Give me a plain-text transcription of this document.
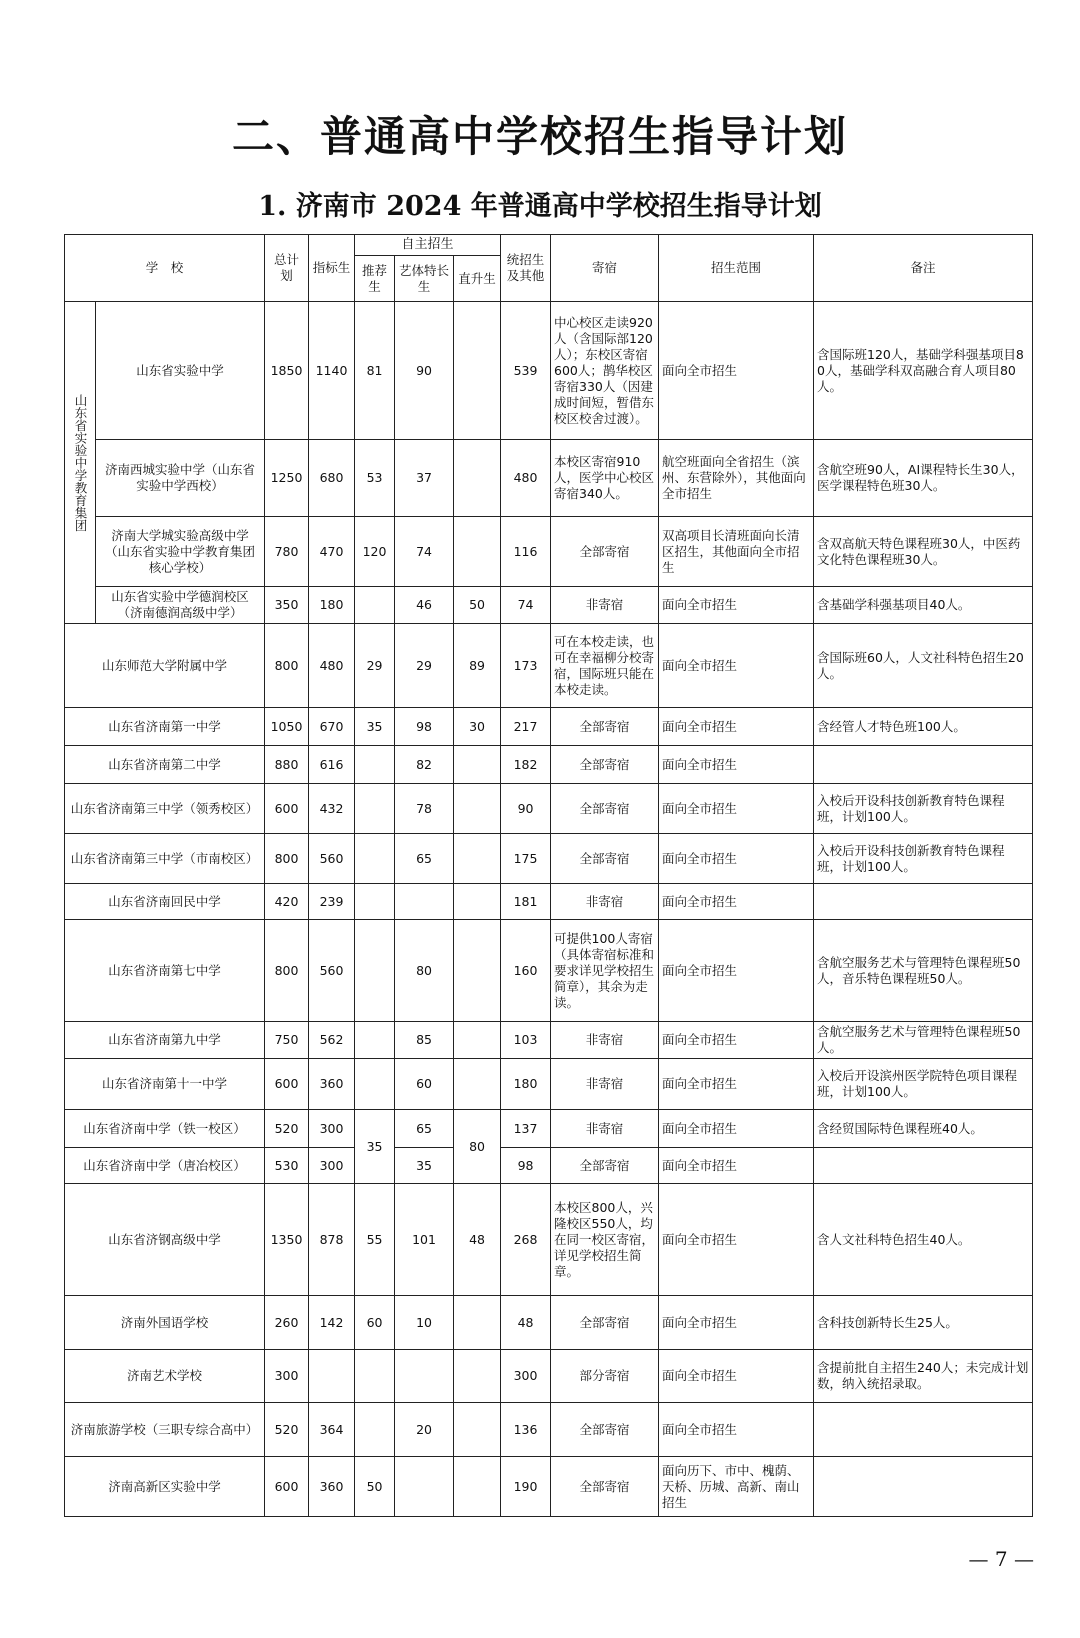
二、普通高中学校招生指导计划
1. 济南市 2024 年普通高中学校招生指导计划
学　校		总计划	指标生	自主招生			统招生及其他	寄宿	招生范围	备注
				推荐生	艺体特长生	直升生				
山东省实验中学教育集团	山东省实验中学	1850	1140	81	90		539	中心校区走读920人（含国际部120人）；东校区寄宿600人；鹊华校区寄宿330人（因建成时间短，暂借东校区校舍过渡）。	面向全市招生	含国际班120人，基础学科强基项目80人，基础学科双高融合育人项目80人。
	济南西城实验中学（山东省实验中学西校）	1250	680	53	37		480	本校区寄宿910人，医学中心校区寄宿340人。	航空班面向全省招生（滨州、东营除外），其他面向全市招生	含航空班90人，AI课程特长生30人，医学课程特色班30人。
	济南大学城实验高级中学（山东省实验中学教育集团核心学校）	780	470	120	74		116	全部寄宿	双高项目长清班面向长清区招生，其他面向全市招生	含双高航天特色课程班30人，中医药文化特色课程班30人。
	山东省实验中学德润校区（济南德润高级中学）	350	180		46	50	74	非寄宿	面向全市招生	含基础学科强基项目40人。
山东师范大学附属中学		800	480	29	29	89	173	可在本校走读，也可在幸福柳分校寄宿，国际班只能在本校走读。	面向全市招生	含国际班60人，人文社科特色招生20人。
山东省济南第一中学		1050	670	35	98	30	217	全部寄宿	面向全市招生	含经管人才特色班100人。
山东省济南第二中学		880	616		82		182	全部寄宿	面向全市招生	
山东省济南第三中学（领秀校区）		600	432		78		90	全部寄宿	面向全市招生	入校后开设科技创新教育特色课程班，计划100人。
山东省济南第三中学（市南校区）		800	560		65		175	全部寄宿	面向全市招生	入校后开设科技创新教育特色课程班，计划100人。
山东省济南回民中学		420	239				181	非寄宿	面向全市招生	
山东省济南第七中学		800	560		80		160	可提供100人寄宿（具体寄宿标准和要求详见学校招生简章），其余为走读。	面向全市招生	含航空服务艺术与管理特色课程班50人，音乐特色课程班50人。
山东省济南第九中学		750	562		85		103	非寄宿	面向全市招生	含航空服务艺术与管理特色课程班50人。
山东省济南第十一中学		600	360		60		180	非寄宿	面向全市招生	入校后开设滨州医学院特色项目课程班，计划100人。
山东省济南中学（铁一校区）		520	300	35	65	80	137	非寄宿	面向全市招生	含经贸国际特色课程班40人。
山东省济南中学（唐冶校区）		530	300		35		98	全部寄宿	面向全市招生	
山东省济钢高级中学		1350	878	55	101	48	268	本校区800人，兴隆校区550人，均在同一校区寄宿，详见学校招生简章。	面向全市招生	含人文社科特色招生40人。
济南外国语学校		260	142	60	10		48	全部寄宿	面向全市招生	含科技创新特长生25人。
济南艺术学校		300					300	部分寄宿	面向全市招生	含提前批自主招生240人；未完成计划数，纳入统招录取。
济南旅游学校（三职专综合高中）		520	364		20		136	全部寄宿	面向全市招生	
济南高新区实验中学		600	360	50			190	全部寄宿	面向历下、市中、槐荫、天桥、历城、高新、南山招生	
— 7 —
